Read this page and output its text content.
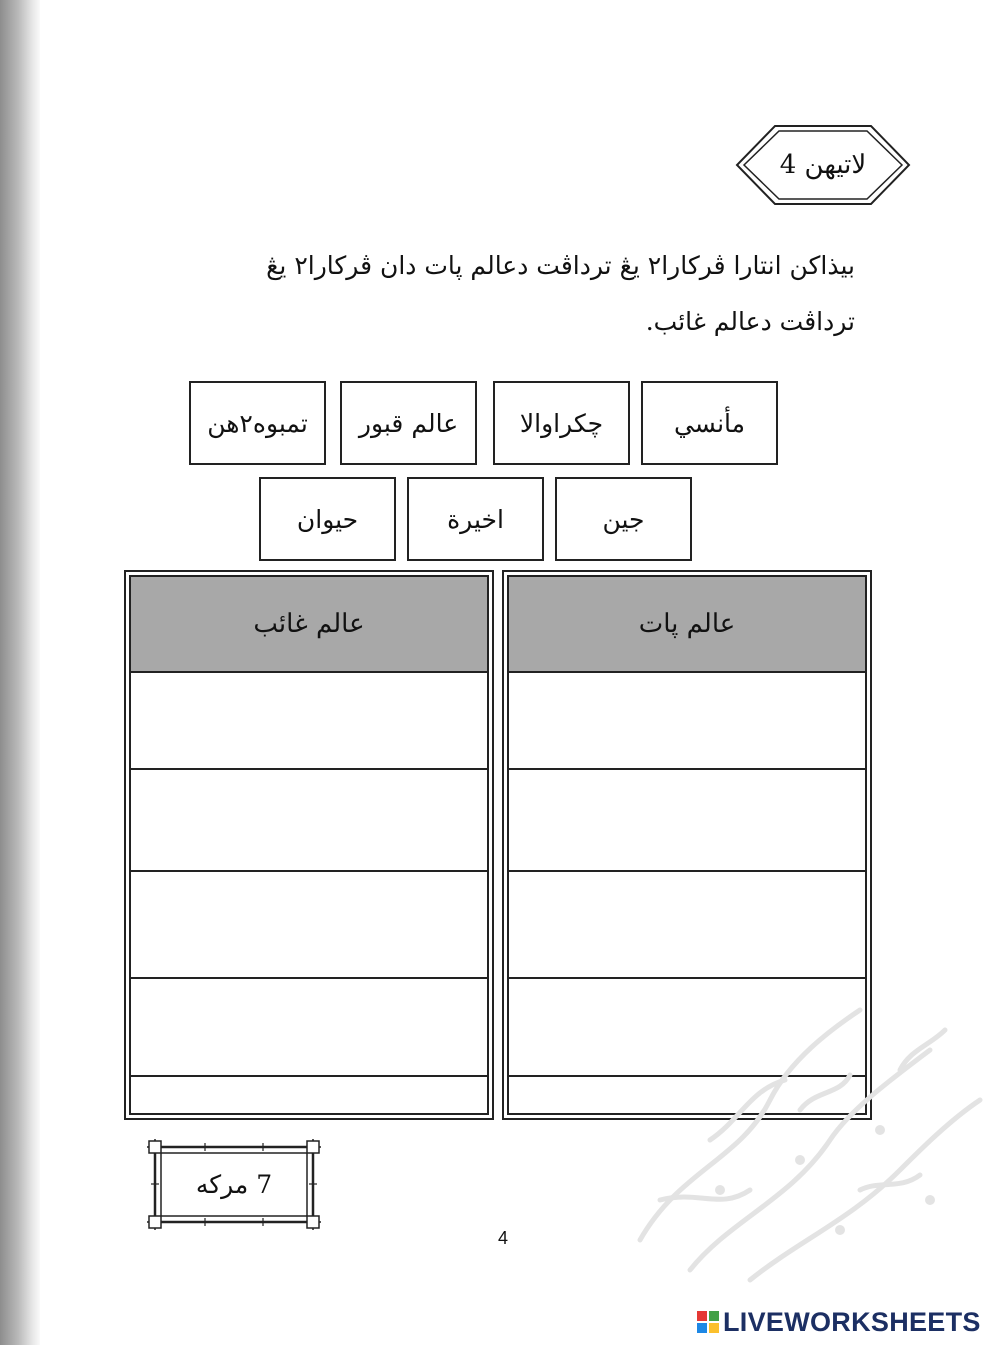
لاتيهن 4
بيذاكن انتارا ڤركارا٢ يڠ ترداڤت دعالم ڽات دان ڤركارا٢ يڠ
ترداڤت دعالم غائب.
مأنسي
چكراوالا
عالم قبور
تمبوه٢هن
جين
اخيرة
حيوان
عالم ڽات
عالم غائب
7 مركه
4
LIVEWORKSHEETS
